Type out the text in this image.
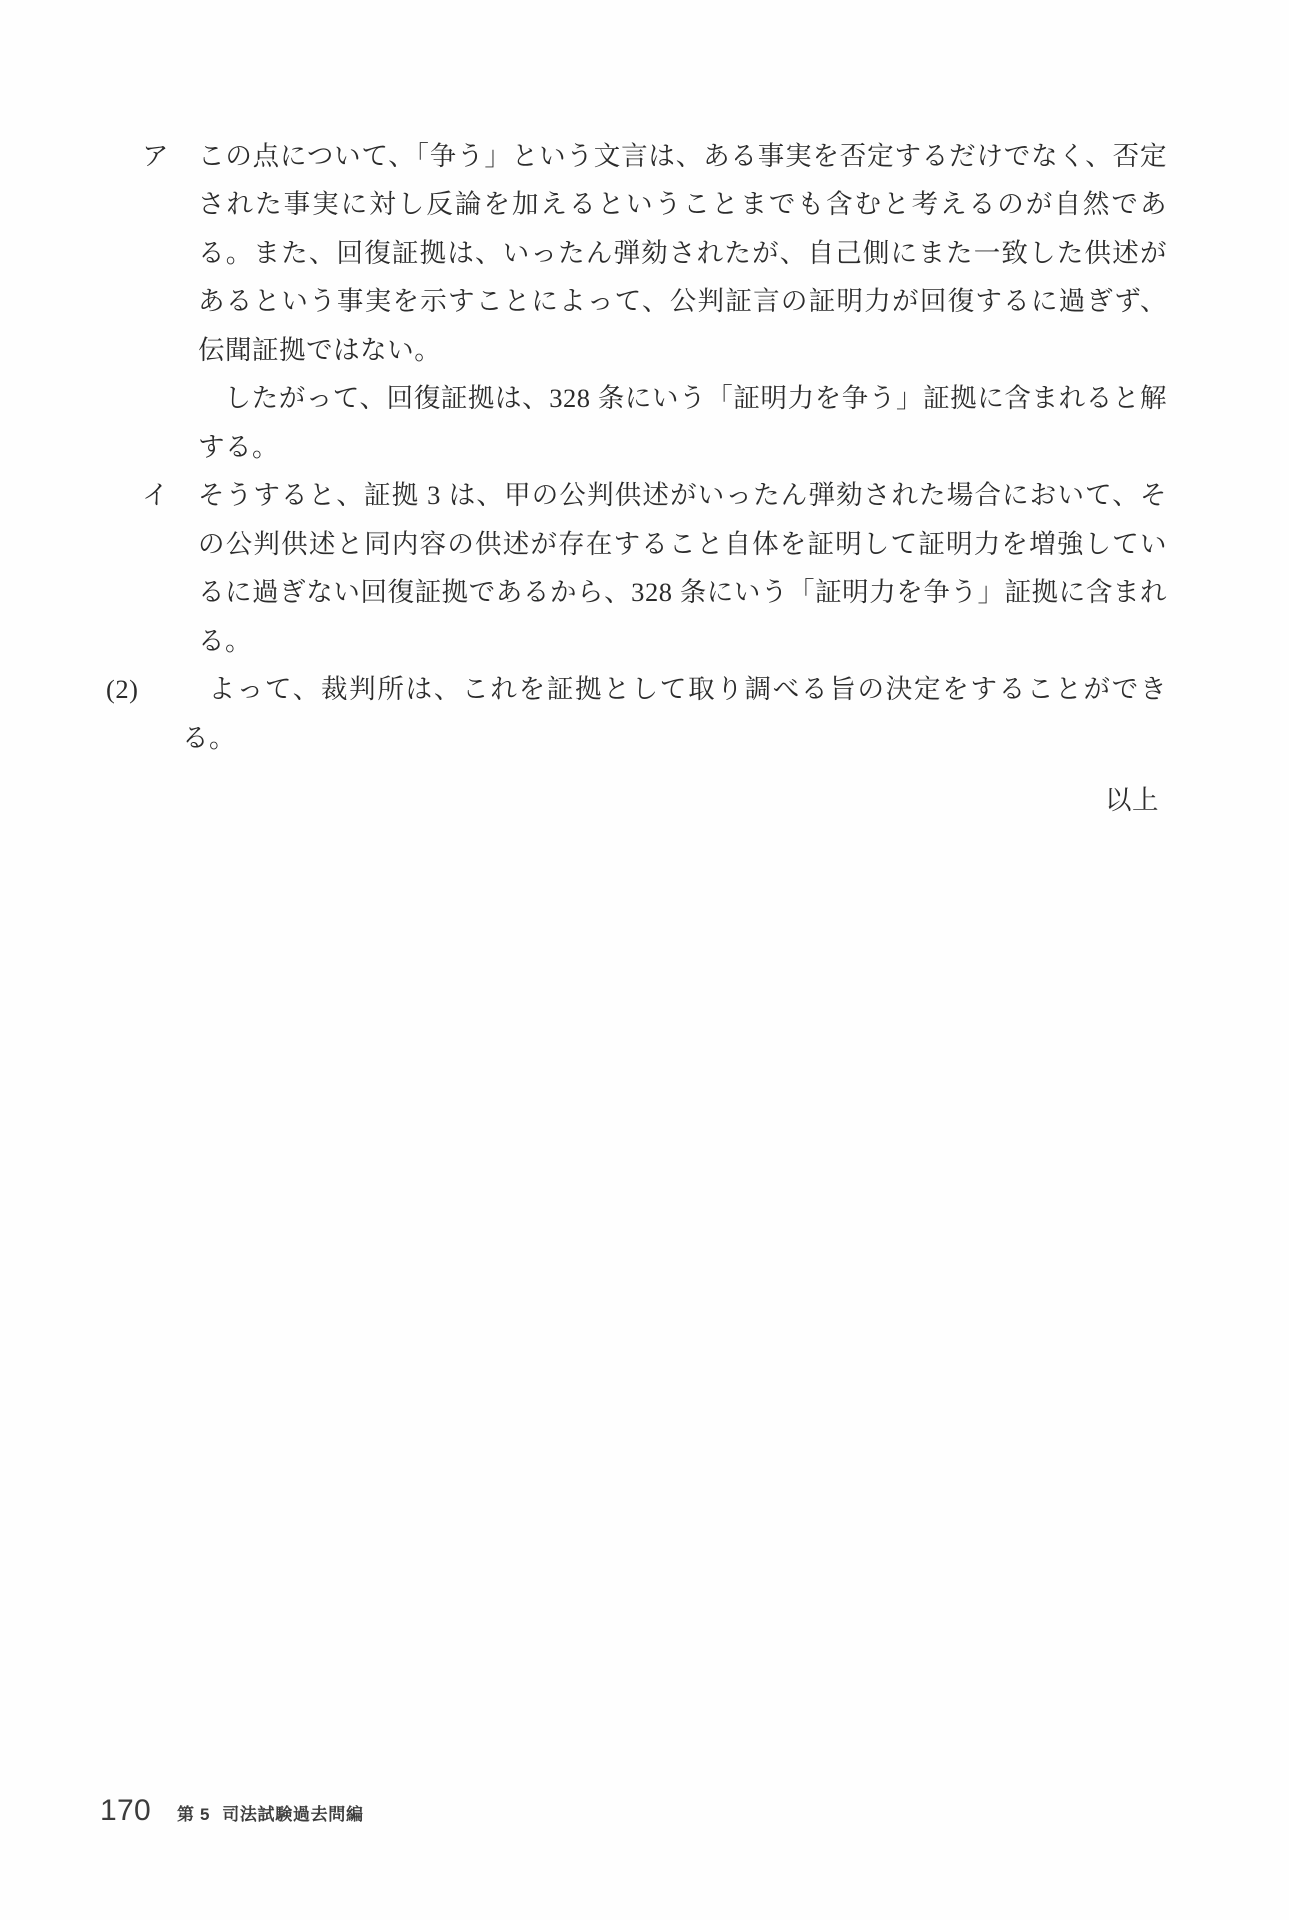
ア	この点について、「争う」という文言は、ある事実を否定するだけでなく、否定された事実に対し反論を加えるということまでも含むと考えるのが自然である。また、回復証拠は、いったん弾劾されたが、自己側にまた一致した供述があるという事実を示すことによって、公判証言の証明力が回復するに過ぎず、伝聞証拠ではない。
したがって、回復証拠は、328 条にいう「証明力を争う」証拠に含まれると解する。
イ	そうすると、証拠 3 は、甲の公判供述がいったん弾劾された場合において、その公判供述と同内容の供述が存在すること自体を証明して証明力を増強しているに過ぎない回復証拠であるから、328 条にいう「証明力を争う」証拠に含まれる。
(2)	よって、裁判所は、これを証拠として取り調べる旨の決定をすることができる。
以上
170 第 5 司法試験過去問編
